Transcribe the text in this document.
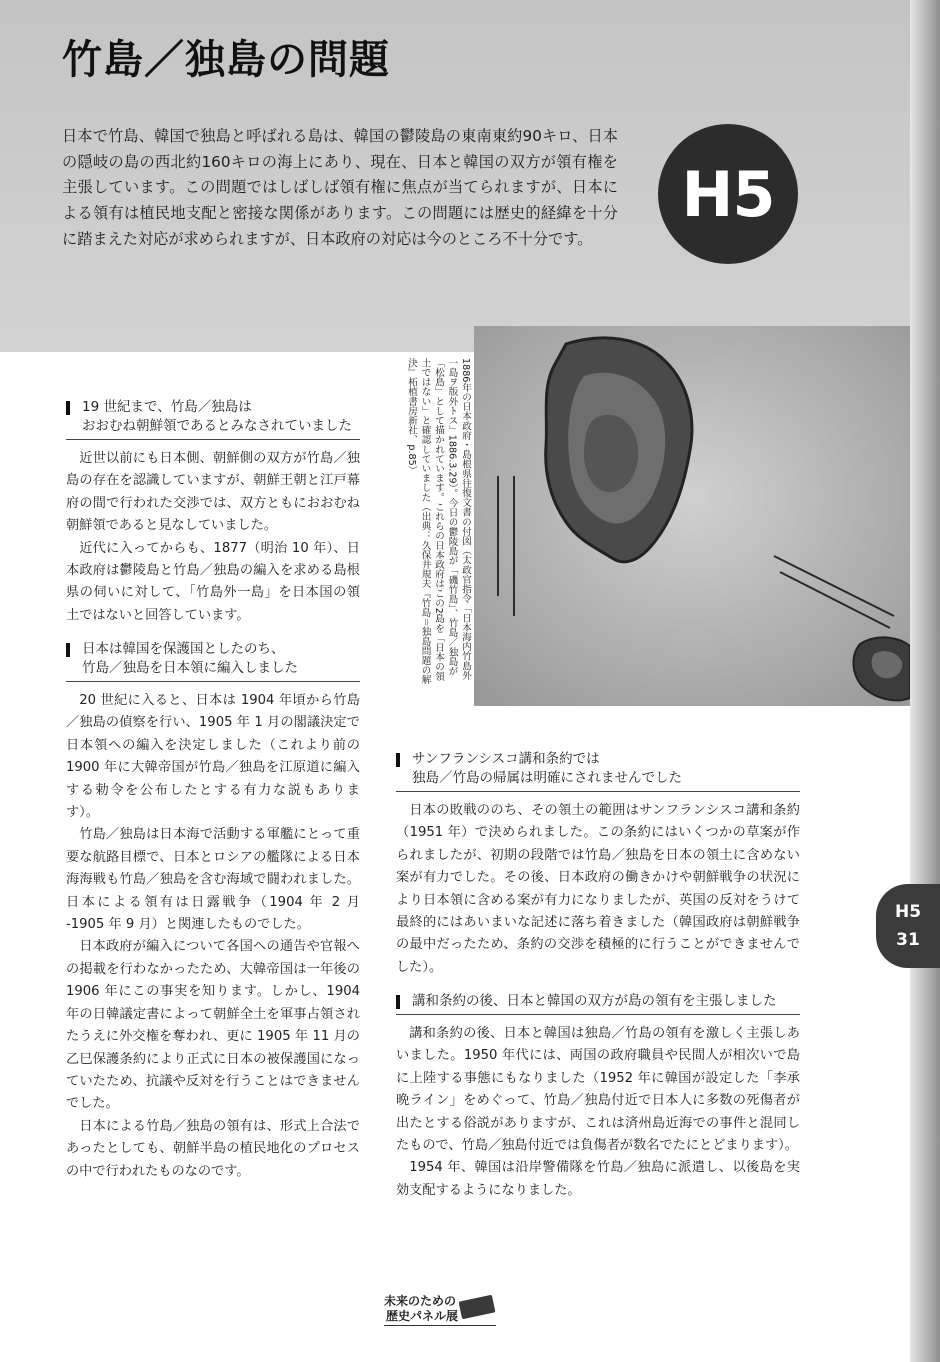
竹島／独島の問題

日本で竹島、韓国で独島と呼ばれる島は、韓国の鬱陵島の東南東約90キロ、日本の隠岐の島の西北約160キロの海上にあり、現在、日本と韓国の双方が領有権を主張しています。この問題ではしばしば領有権に焦点が当てられますが、日本による領有は植民地支配と密接な関係があります。この問題には歴史的経緯を十分に踏まえた対応が求められますが、日本政府の対応は今のところ不十分です。

H5
1886年の日本政府・島根県往復文書の付図（太政官指令「日本海内竹島外一島ヲ版外トス」1886.3.29）。今日の鬱陵島が「磯竹島」、竹島／独島が「松島」として描かれています。これらの日本政府はこの2島を「日本の領土ではない」と確認していました（出典：久保井規夫『竹島＝独島問題の解決』柘植書房新社、p.85）
19 世紀まで、竹島／独島は
おおむね朝鮮領であるとみなされていました

近世以前にも日本側、朝鮮側の双方が竹島／独島の存在を認識していますが、朝鮮王朝と江戸幕府の間で行われた交渉では、双方ともにおおむね朝鮮領であると見なしていました。

近代に入ってからも、1877（明治 10 年）、日本政府は鬱陵島と竹島／独島の編入を求める島根県の伺いに対して、「竹島外一島」を日本国の領土ではないと回答しています。

日本は韓国を保護国としたのち、
竹島／独島を日本領に編入しました

20 世紀に入ると、日本は 1904 年頃から竹島／独島の偵察を行い、1905 年 1 月の閣議決定で日本領への編入を決定しました（これより前の 1900 年に大韓帝国が竹島／独島を江原道に編入する勅令を公布したとする有力な説もあります）。

竹島／独島は日本海で活動する軍艦にとって重要な航路目標で、日本とロシアの艦隊による日本海海戦も竹島／独島を含む海域で闘われました。日本による領有は日露戦争（1904 年 2 月 -1905 年 9 月）と関連したものでした。

日本政府が編入について各国への通告や官報への掲載を行わなかったため、大韓帝国は一年後の 1906 年にこの事実を知ります。しかし、1904 年の日韓議定書によって朝鮮全土を軍事占領されたうえに外交権を奪われ、更に 1905 年 11 月の乙巳保護条約により正式に日本の被保護国になっていたため、抗議や反対を行うことはできませんでした。

日本による竹島／独島の領有は、形式上合法であったとしても、朝鮮半島の植民地化のプロセスの中で行われたものなのです。

サンフランシスコ講和条約では
独島／竹島の帰属は明確にされませんでした

日本の敗戦ののち、その領土の範囲はサンフランシスコ講和条約（1951 年）で決められました。この条約にはいくつかの草案が作られましたが、初期の段階では竹島／独島を日本の領土に含めない案が有力でした。その後、日本政府の働きかけや朝鮮戦争の状況により日本領に含める案が有力になりましたが、英国の反対をうけて最終的にはあいまいな記述に落ち着きました（韓国政府は朝鮮戦争の最中だったため、条約の交渉を積極的に行うことができませんでした）。

講和条約の後、日本と韓国の双方が島の領有を主張しました

講和条約の後、日本と韓国は独島／竹島の領有を激しく主張しあいました。1950 年代には、両国の政府職員や民間人が相次いで島に上陸する事態にもなりました（1952 年に韓国が設定した「李承晩ライン」をめぐって、竹島／独島付近で日本人に多数の死傷者が出たとする俗説がありますが、これは済州島近海での事件と混同したもので、竹島／独島付近では負傷者が数名でたにとどまります）。

1954 年、韓国は沿岸警備隊を竹島／独島に派遣し、以後島を実効支配するようになりました。

H5
31
未来のための
歴史パネル展
